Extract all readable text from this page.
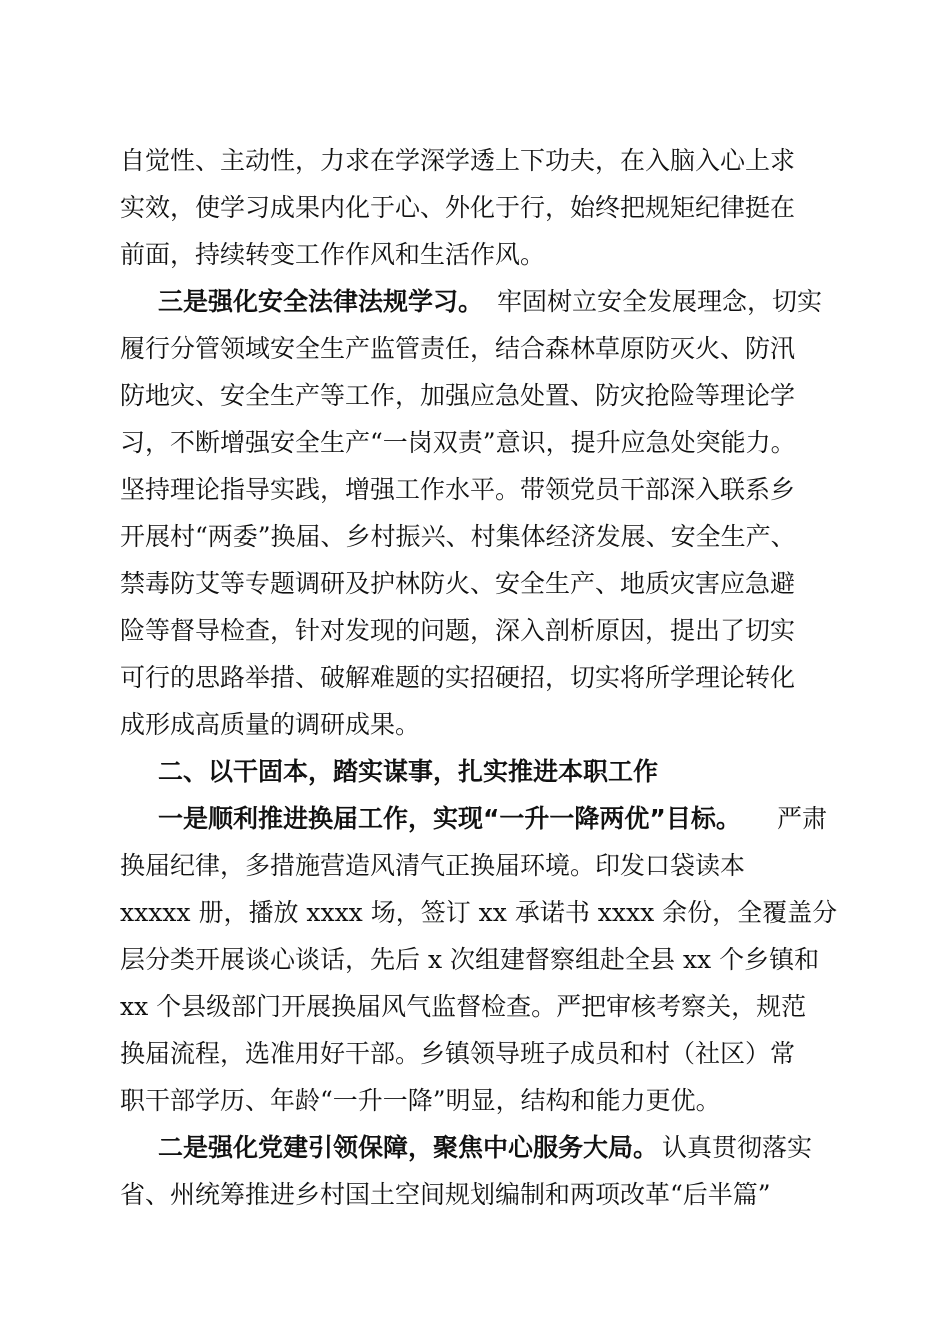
自觉性、主动性，力求在学深学透上下功夫，在入脑入心上求
实效，使学习成果内化于心、外化于行，始终把规矩纪律挺在
前面，持续转变工作作风和生活作风。
三是强化安全法律法规学习。 牢固树立安全发展理念，切实
履行分管领域安全生产监管责任，结合森林草原防灭火、防汛
防地灾、安全生产等工作，加强应急处置、防灾抢险等理论学
习，不断增强安全生产“一岗双责”意识，提升应急处突能力。
坚持理论指导实践，增强工作水平。带领党员干部深入联系乡
开展村“两委”换届、乡村振兴、村集体经济发展、安全生产、
禁毒防艾等专题调研及护林防火、安全生产、地质灾害应急避
险等督导检查，针对发现的问题，深入剖析原因，提出了切实
可行的思路举措、破解难题的实招硬招，切实将所学理论转化
成形成高质量的调研成果。
二、以干固本，踏实谋事，扎实推进本职工作
一是顺利推进换届工作，实现“一升一降两优”目标。 严肃
换届纪律，多措施营造风清气正换届环境。印发口袋读本
xxxxx 册，播放 xxxx 场，签订 xx 承诺书 xxxx 余份，全覆盖分
层分类开展谈心谈话，先后 x 次组建督察组赴全县 xx 个乡镇和
xx 个县级部门开展换届风气监督检查。严把审核考察关，规范
换届流程，选准用好干部。乡镇领导班子成员和村（社区）常
职干部学历、年龄“一升一降”明显，结构和能力更优。
二是强化党建引领保障，聚焦中心服务大局。 认真贯彻落实
省、州统筹推进乡村国土空间规划编制和两项改革“后半篇”
